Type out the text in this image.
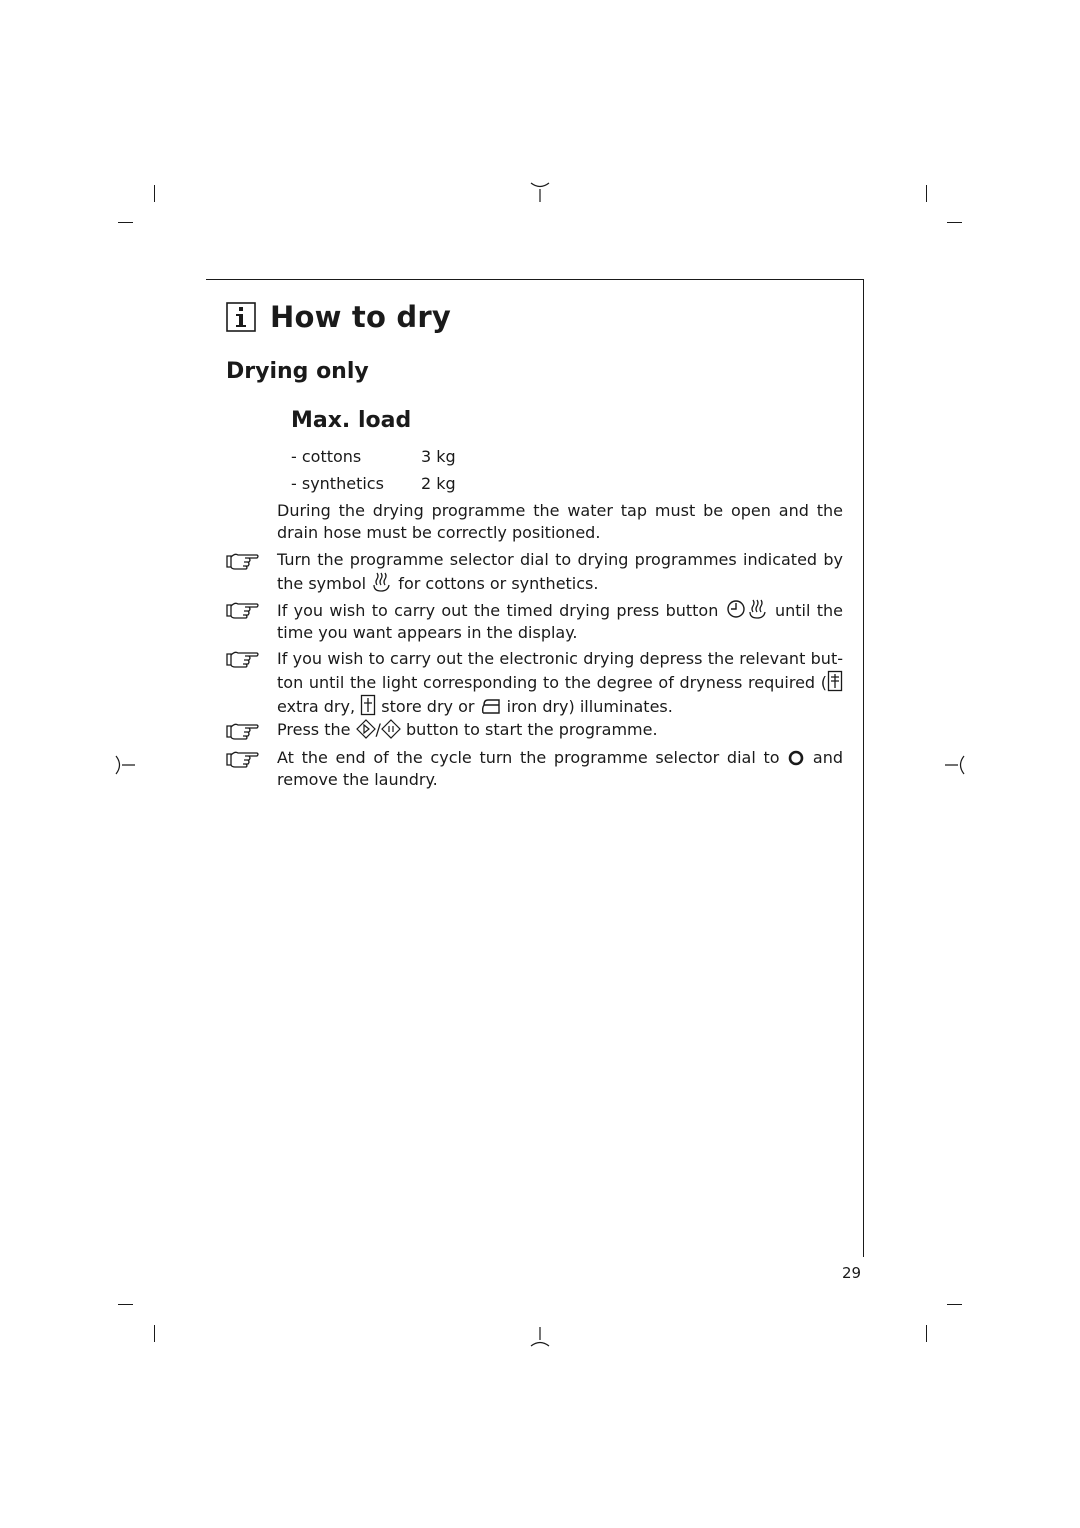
How to dry
Drying only
Max. load
- cottons	3 kg
- synthetics 2 kg
During the drying programme the water tap must be open and the drain hose must be correctly positioned.
Turn the programme selector dial to drying programmes indicated by the symbol  for cottons or synthetics.
If you wish to carry out the timed drying press button	until the time you want appears in the display.
If you wish to carry out the electronic drying depress the relevant but-ton until the light corresponding to the degree of dryness required ( extra dry,  store dry or  iron dry) illuminates.
Press the / button to start the programme.
At the end of the cycle turn the programme selector dial to  and remove the laundry.
29
